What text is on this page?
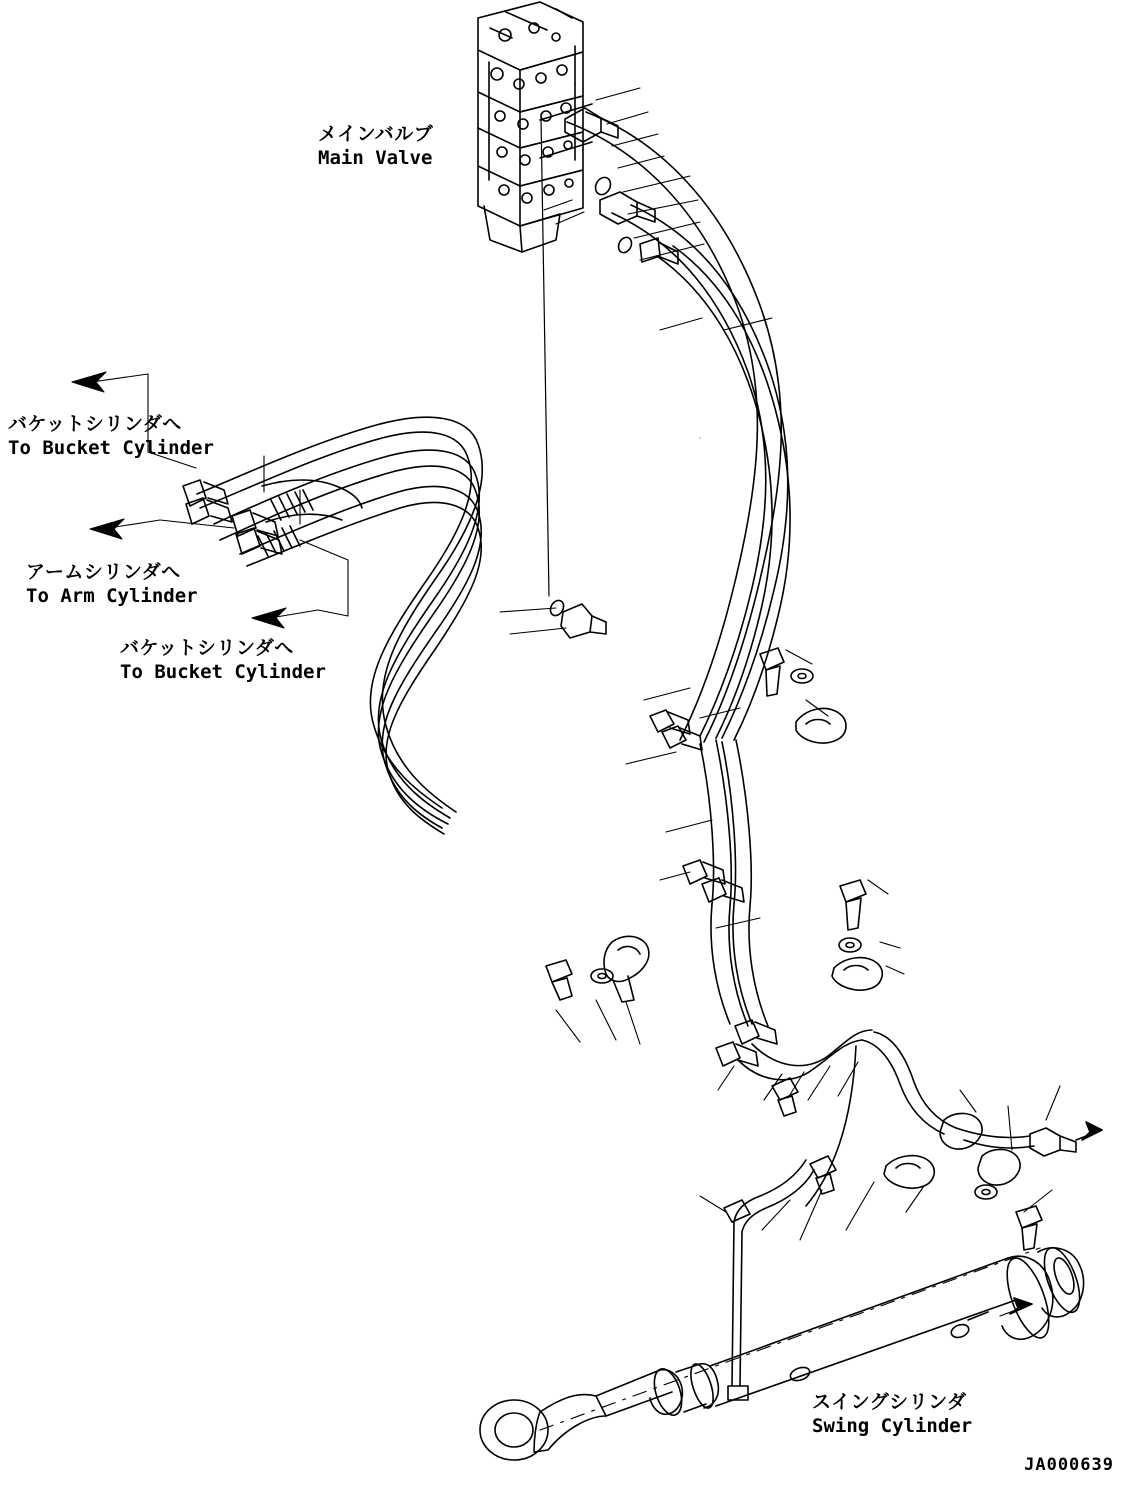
メインバルブ
Main Valve
バケットシリンダへ
To Bucket Cylinder
アームシリンダへ
To Arm Cylinder
バケットシリンダへ
To Bucket Cylinder
スイングシリンダ
Swing Cylinder
JA000639
